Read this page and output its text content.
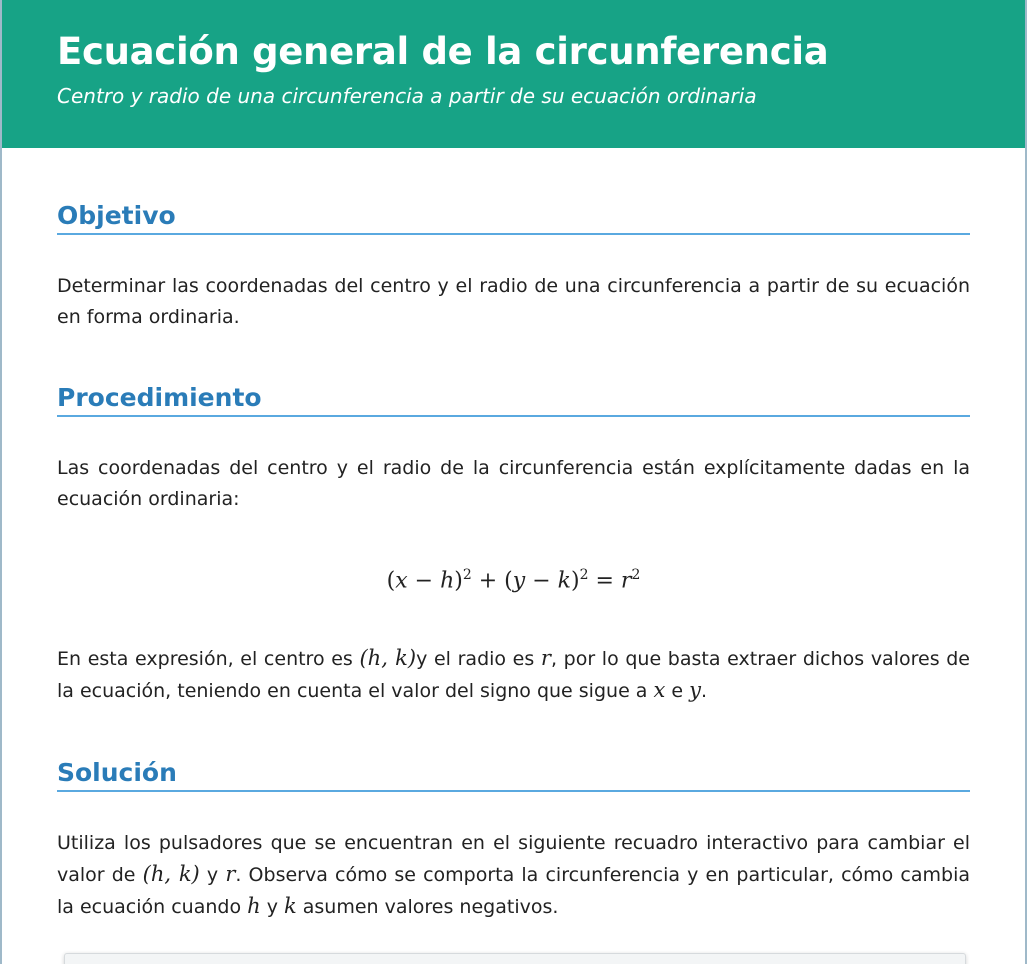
Ecuación general de la circunferencia
Centro y radio de una circunferencia a partir de su ecuación ordinaria
Objetivo

Determinar las coordenadas del centro y el radio de una circunferencia a partir de su ecuación en forma ordinaria.

Procedimiento

Las coordenadas del centro y el radio de la circunferencia están explícitamente dadas en la ecuación ordinaria:

$(x - h)^2 + (y - k)^2 = r^2$

En esta expresión, el centro es (h, k)y el radio es r, por lo que basta extraer dichos valores de la ecuación, teniendo en cuenta el valor del signo que sigue a x e y.

Solución

Utiliza los pulsadores que se encuentran en el siguiente recuadro interactivo para cambiar el valor de (h, k) y r. Observa cómo se comporta la circunferencia y en particular, cómo cambia la ecuación cuando h y k asumen valores negativos.
